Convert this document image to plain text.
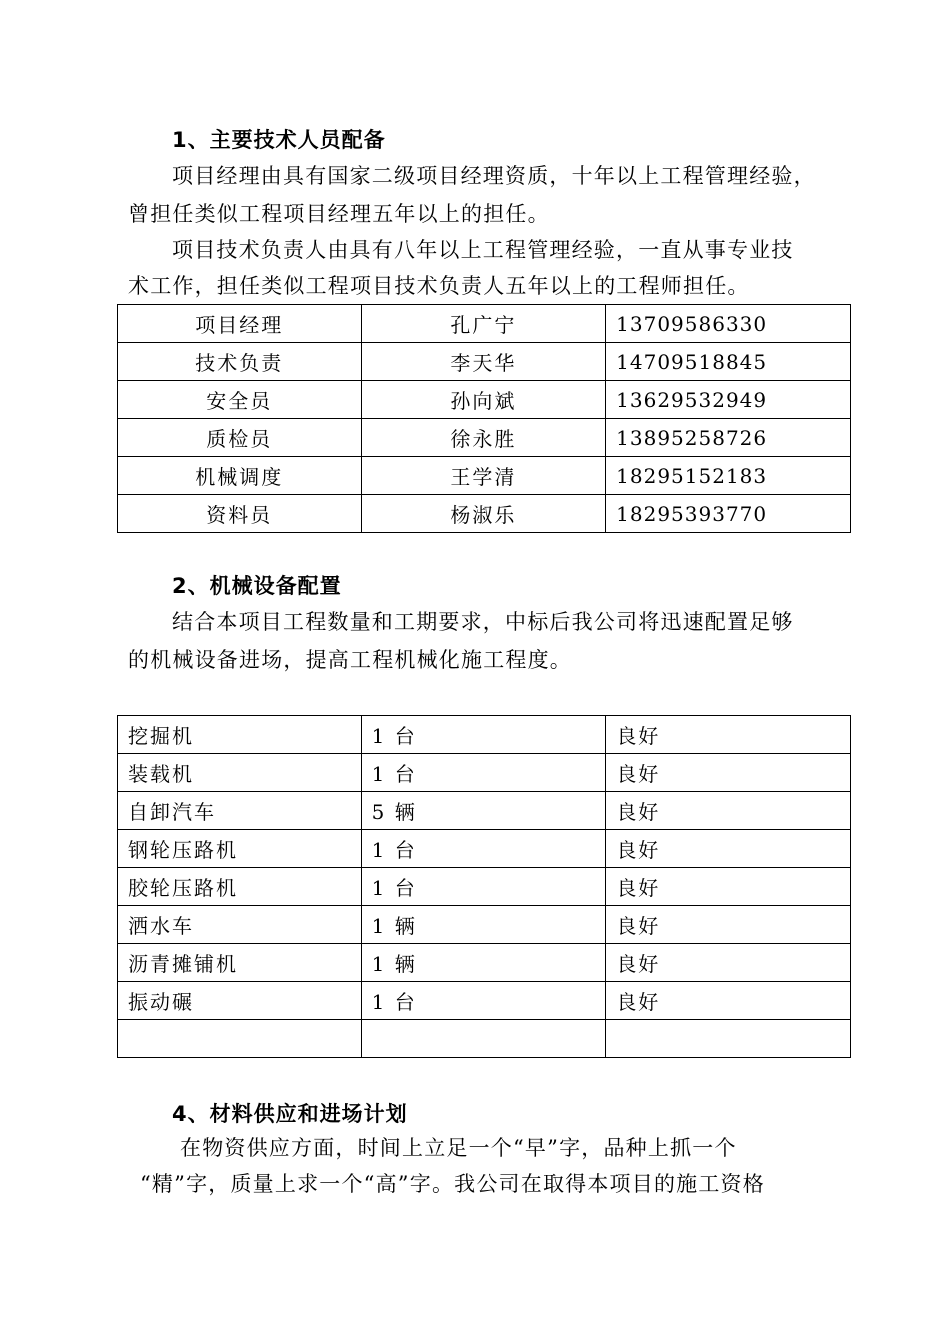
1、主要技术人员配备
项目经理由具有国家二级项目经理资质，十年以上工程管理经验，
曾担任类似工程项目经理五年以上的担任。
项目技术负责人由具有八年以上工程管理经验，一直从事专业技
术工作，担任类似工程项目技术负责人五年以上的工程师担任。
项目经理	孔广宁	13709586330
技术负责	李天华	14709518845
安全员	孙向斌	13629532949
质检员	徐永胜	13895258726
机械调度	王学清	18295152183
资料员	杨淑乐	18295393770
2、机械设备配置
结合本项目工程数量和工期要求，中标后我公司将迅速配置足够
的机械设备进场，提高工程机械化施工程度。
挖掘机	1 台	良好
装载机	1 台	良好
自卸汽车	5 辆	良好
钢轮压路机	1 台	良好
胶轮压路机	1 台	良好
洒水车	1 辆	良好
沥青摊铺机	1 辆	良好
振动碾	1 台	良好

4、材料供应和进场计划
在物资供应方面，时间上立足一个“早”字，品种上抓一个
“精”字，质量上求一个“高”字。我公司在取得本项目的施工资格
